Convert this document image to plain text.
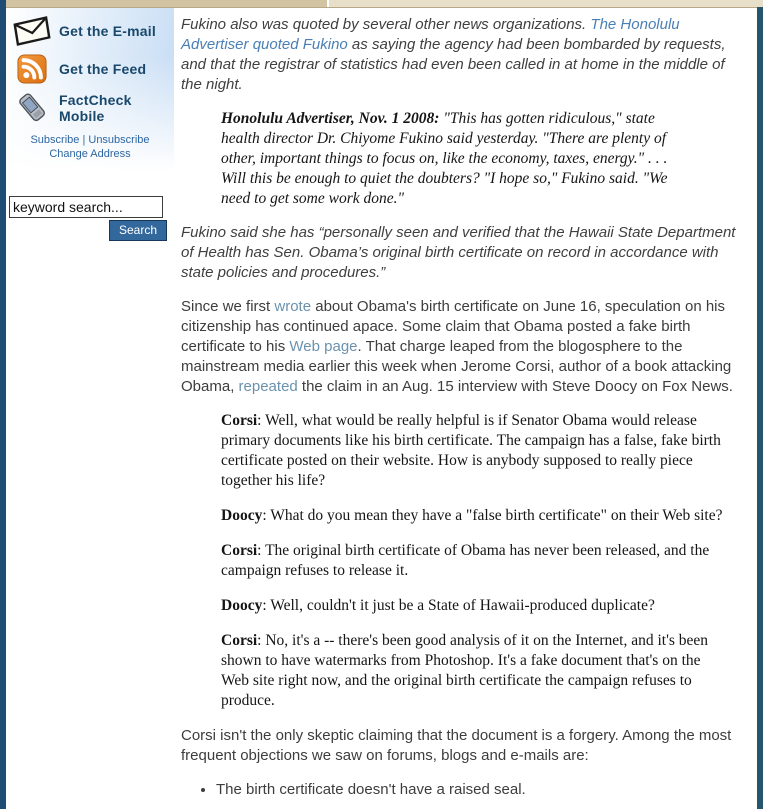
Get the E-mail
Get the Feed
FactCheck Mobile
Subscribe | Unsubscribe
Change Address
keyword search...
Search

Fukino also was quoted by several other news organizations. The Honolulu Advertiser quoted Fukino as saying the agency had been bombarded by requests, and that the registrar of statistics had even been called in at home in the middle of the night.

Honolulu Advertiser, Nov. 1 2008: "This has gotten ridiculous," state health director Dr. Chiyome Fukino said yesterday. "There are plenty of other, important things to focus on, like the economy, taxes, energy." . . . Will this be enough to quiet the doubters? "I hope so," Fukino said. "We need to get some work done."

Fukino said she has “personally seen and verified that the Hawaii State Department of Health has Sen. Obama’s original birth certificate on record in accordance with state policies and procedures.”

Since we first wrote about Obama's birth certificate on June 16, speculation on his citizenship has continued apace. Some claim that Obama posted a fake birth certificate to his Web page. That charge leaped from the blogosphere to the mainstream media earlier this week when Jerome Corsi, author of a book attacking Obama, repeated the claim in an Aug. 15 interview with Steve Doocy on Fox News.

Corsi: Well, what would be really helpful is if Senator Obama would release primary documents like his birth certificate. The campaign has a false, fake birth certificate posted on their website. How is anybody supposed to really piece together his life?

Doocy: What do you mean they have a "false birth certificate" on their Web site?

Corsi: The original birth certificate of Obama has never been released, and the campaign refuses to release it.

Doocy: Well, couldn't it just be a State of Hawaii-produced duplicate?

Corsi: No, it's a -- there's been good analysis of it on the Internet, and it's been shown to have watermarks from Photoshop. It's a fake document that's on the Web site right now, and the original birth certificate the campaign refuses to produce.

Corsi isn't the only skeptic claiming that the document is a forgery. Among the most frequent objections we saw on forums, blogs and e-mails are:

• The birth certificate doesn't have a raised seal.
